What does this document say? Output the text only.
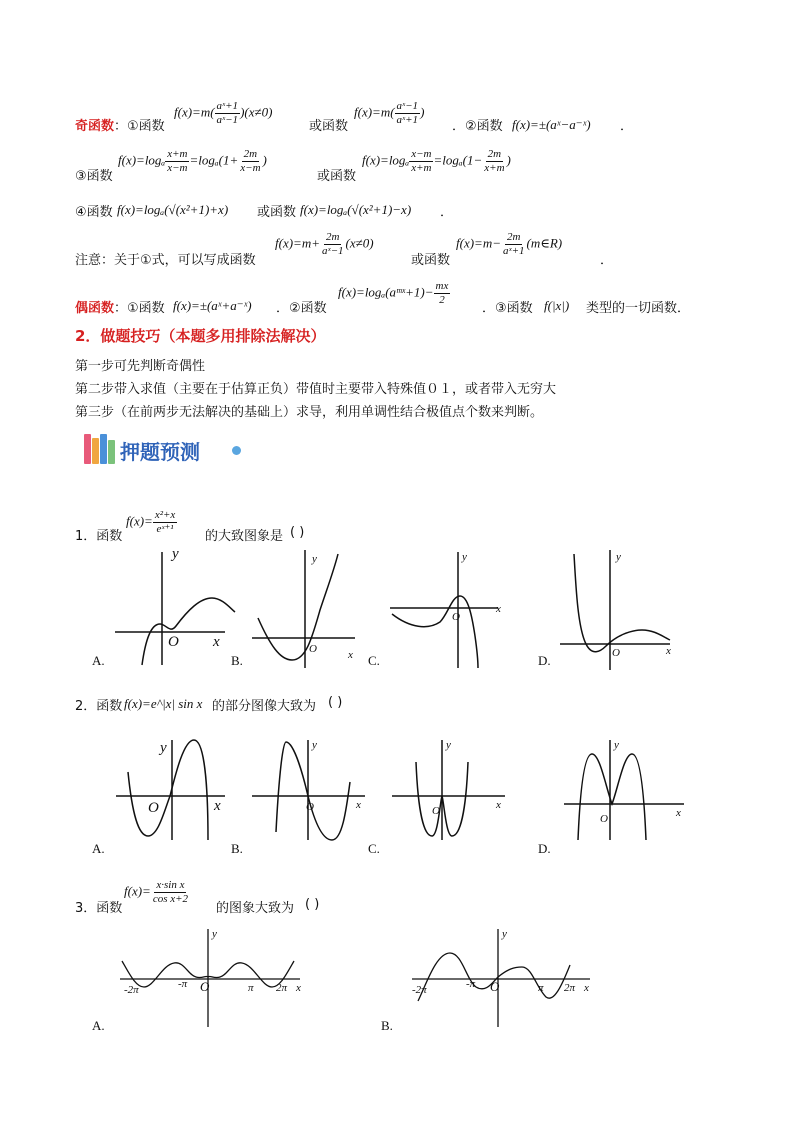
奇函数：①函数
$f(x)=m( \frac{\text{aˣ+1}}{\text{aˣ−1}} )(x\ne 0)$
或函数
$f(x)=m( \frac{\text{aˣ−1}}{\text{aˣ+1}}$ )
．②函数 f(x)=±(aˣ−a⁻ˣ) ．
③函数
$f(x)=\log_a \frac{x+m}{x-m} =\log_a(1+ \frac{2m}{x-m}$ )
或函数
$f(x)=\log_a \frac{x-m}{x+m} =\log_a(1- \frac{2m}{x+m}$ )
④函数 f(x)=logₐ(√(x²+1)+x) 或函数 f(x)=logₐ(√(x²+1)−x) ．
注意：关于①式，可以写成函数
$f(x)=m+ \frac{2m}{\text{aˣ−1}} (x\ne 0)$
或函数
$f(x)=m- \frac{2m}{\text{aˣ+1}}$ (m∈R)
．
偶函数：①函数 f(x)=±(aˣ+a⁻ˣ) ．②函数
f(x)=logₐ(aᵐˣ+1)− $\frac{mx}{2}$
．③函数 f(|x|) 类型的一切函数．
2．做题技巧（本题多用排除法解决）
第一步可先判断奇偶性
第二步带入求值（主要在于估算正负）带值时主要带入特殊值０１，或者带入无穷大
第三步（在前两步无法解决的基础上）求导，利用单调性结合极值点个数来判断。
押题预测
1．函数
$f(x)= \frac{\text{x²+x}}{\text{eˣ⁺¹}}$
的大致图象是 ( )
y
O x	O	x
y
O
x
y
O	x
y
A.	B.	C.	D.
2．函数 f(x)=e^|x| sin x 的部分图像大致为 ( )
y
O	x	O	x
y
O	x
y
O	x
y
A.	B.	C.	D.
3．函数
$f(x)= \frac{\text{x·sin x}}{\text{cos x+2}}$
的图象大致为 ( )
y
-2π	-π O	π 2π x
y
-2π	-π O	π 2π x
A.	B.
